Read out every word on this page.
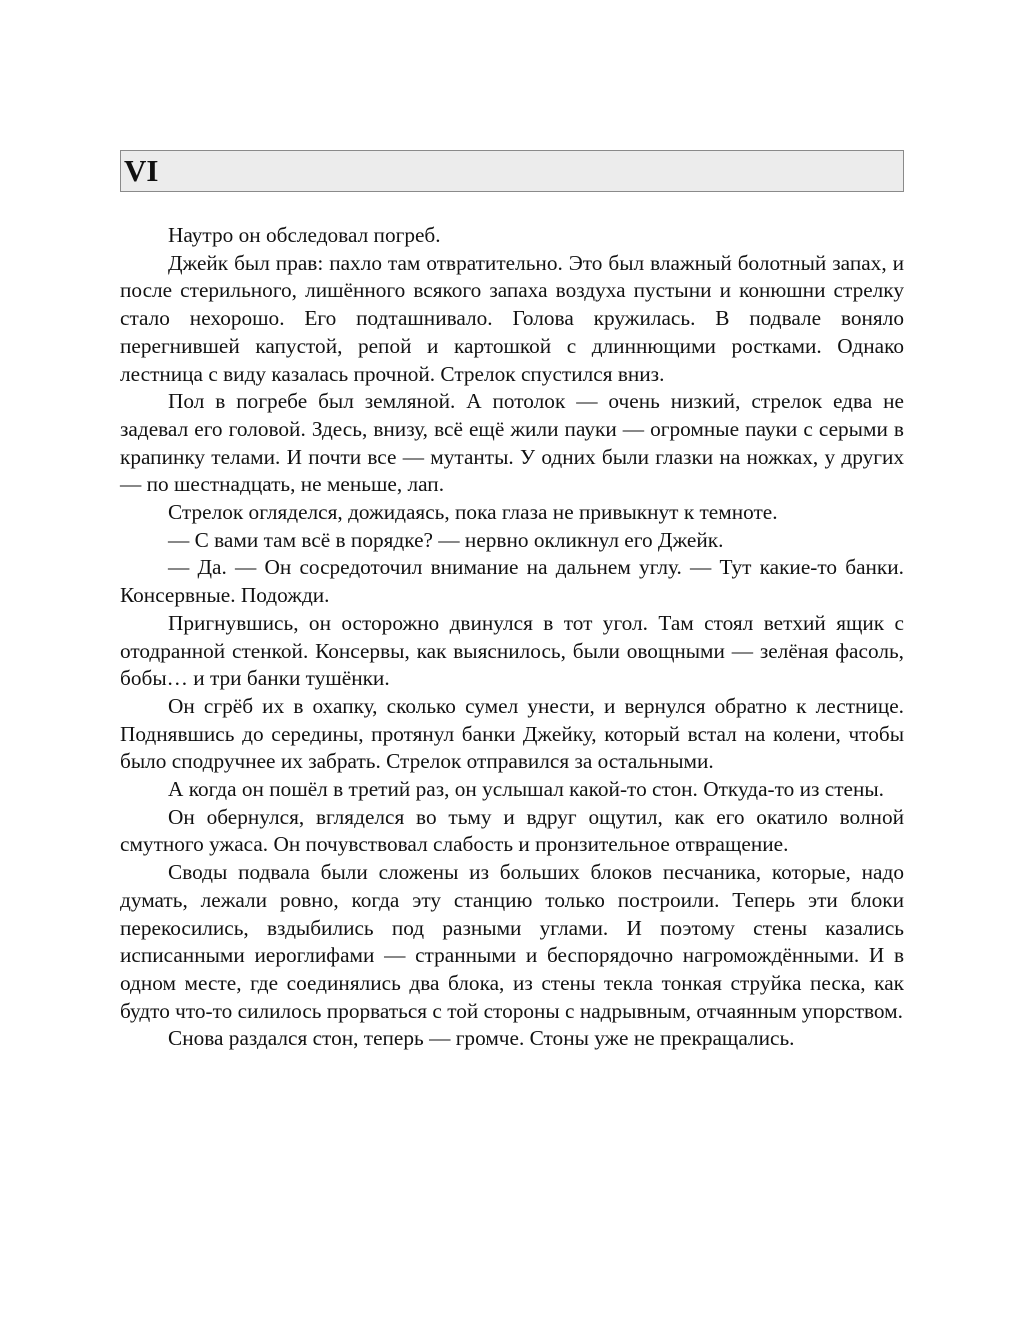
VI

Наутро он обследовал погреб.

Джейк был прав: пахло там отвратительно. Это был влажный болотный запах, и после стерильного, лишённого всякого запаха воздуха пустыни и конюшни стрелку стало нехорошо. Его подташнивало. Голова кружилась. В подвале воняло перегнившей капустой, репой и картошкой с длиннющими ростками. Однако лестница с виду казалась прочной. Стрелок спустился вниз.

Пол в погребе был земляной. А потолок — очень низкий, стрелок едва не задевал его головой. Здесь, внизу, всё ещё жили пауки — огромные пауки с серыми в крапинку телами. И почти все — мутанты. У одних были глазки на ножках, у других — по шестнадцать, не меньше, лап.

Стрелок огляделся, дожидаясь, пока глаза не привыкнут к темноте.

— С вами там всё в порядке? — нервно окликнул его Джейк.

— Да. — Он сосредоточил внимание на дальнем углу. — Тут какие-то банки. Консервные. Подожди.

Пригнувшись, он осторожно двинулся в тот угол. Там стоял ветхий ящик с отодранной стенкой. Консервы, как выяснилось, были овощными — зелёная фасоль, бобы… и три банки тушёнки.

Он сгрёб их в охапку, сколько сумел унести, и вернулся обратно к лестнице. Поднявшись до середины, протянул банки Джейку, который встал на колени, чтобы было сподручнее их забрать. Стрелок отправился за остальными.

А когда он пошёл в третий раз, он услышал какой-то стон. Откуда-то из стены.

Он обернулся, вгляделся во тьму и вдруг ощутил, как его окатило волной смутного ужаса. Он почувствовал слабость и пронзительное отвращение.

Своды подвала были сложены из больших блоков песчаника, которые, надо думать, лежали ровно, когда эту станцию только построили. Теперь эти блоки перекосились, вздыбились под разными углами. И поэтому стены казались исписанными иероглифами — странными и беспорядочно нагромождёнными. И в одном месте, где соединялись два блока, из стены текла тонкая струйка песка, как будто что-то силилось прорваться с той стороны с надрывным, отчаянным упорством.

Снова раздался стон, теперь — громче. Стоны уже не прекращались.
